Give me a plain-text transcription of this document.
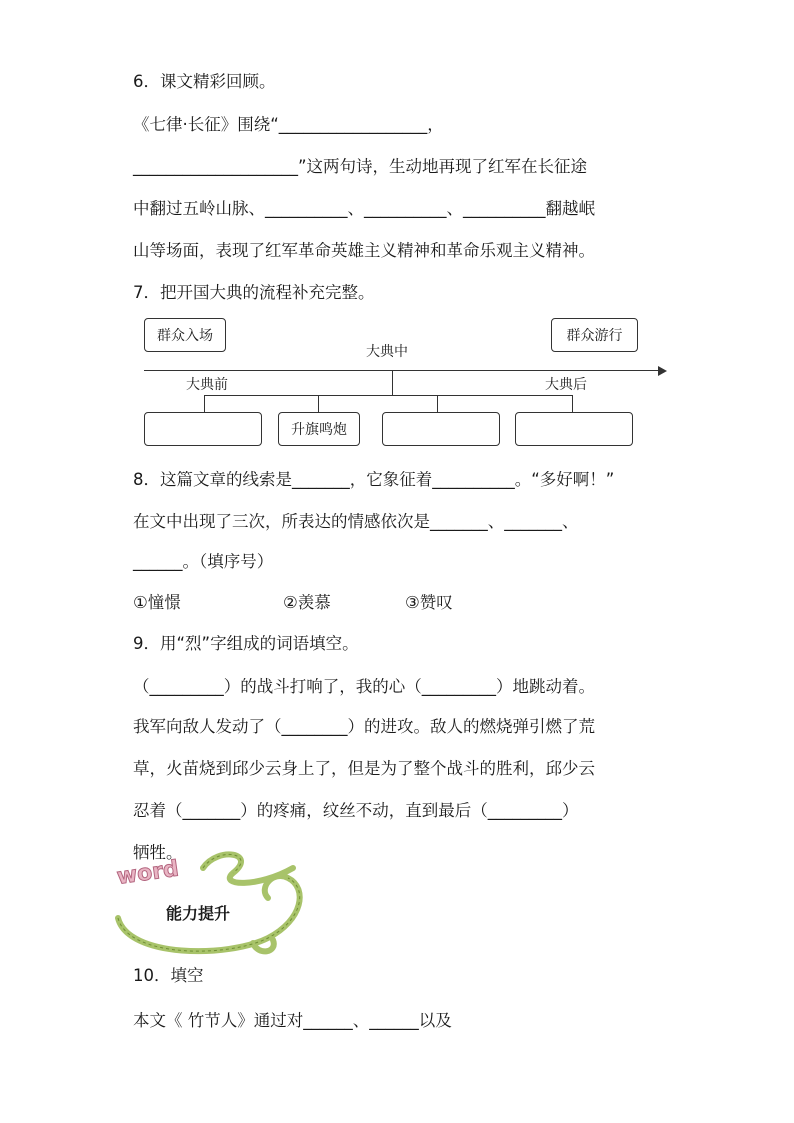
6．课文精彩回顾。
《七律·长征》围绕“__________________，
____________________”这两句诗，生动地再现了红军在长征途
中翻过五岭山脉、__________、__________、__________翻越岷
山等场面，表现了红军革命英雄主义精神和革命乐观主义精神。
7．把开国大典的流程补充完整。
群众入场	群众游行
大典中
大典前	大典后
升旗鸣炮
8．这篇文章的线索是_______，它象征着__________。“多好啊！”
在文中出现了三次，所表达的情感依次是_______、_______、
______。（填序号）
①憧憬	②羡慕	③赞叹
9．用“烈”字组成的词语填空。
（_________）的战斗打响了，我的心（_________）地跳动着。
我军向敌人发动了（________）的进攻。敌人的燃烧弹引燃了荒
草，火苗烧到邱少云身上了，但是为了整个战斗的胜利，邱少云
忍着（_______）的疼痛，纹丝不动，直到最后（_________）
牺牲。
word
能力提升
10．填空
本文《 竹节人》通过对______、______以及
